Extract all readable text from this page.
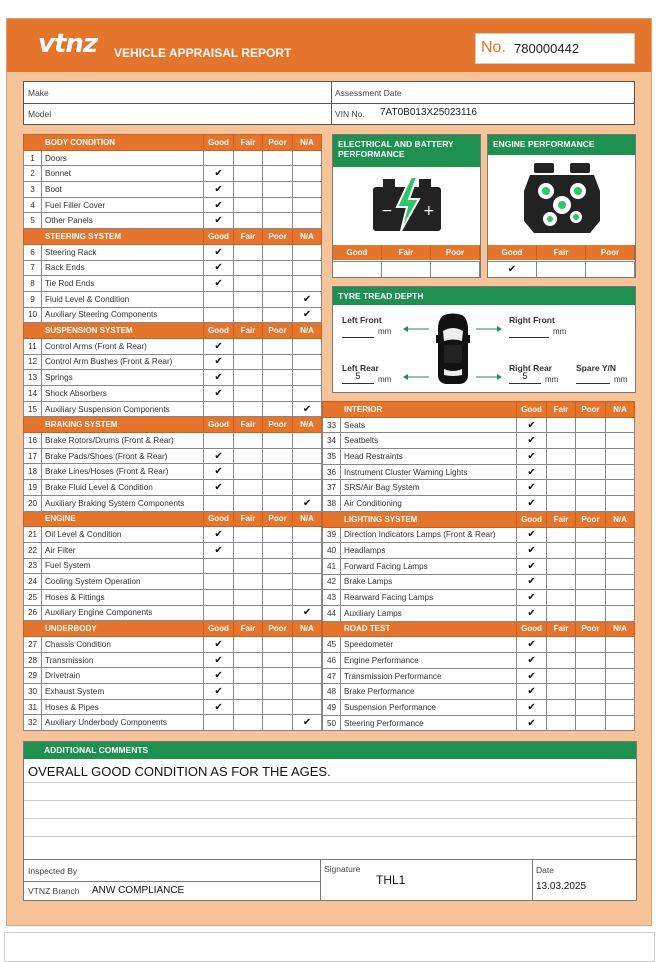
vtnz VEHICLE APPRAISAL REPORT	No. 780000442
Make
Model
Assessment Date
VIN No. 7AT0B013X25023116
BODY CONDITION		Good	Fair	Poor	N/A
1	Doors				
2	Bonnet	✔			
3	Boot	✔			
4	Fuel Filler Cover	✔			
5	Other Panels	✔			
STEERING SYSTEM		Good	Fair	Poor	N/A
6	Steering Rack	✔			
7	Rack Ends	✔			
8	Tie Rod Ends	✔			
9	Fluid Level & Condition				✔
10	Auxiliary Steering Components				✔
SUSPENSION SYSTEM		Good	Fair	Poor	N/A
11	Control Arms (Front & Rear)	✔			
12	Control Arm Bushes (Front & Rear)	✔			
13	Springs	✔			
14	Shock Absorbers	✔			
15	Auxiliary Suspension Components				✔
BRAKING SYSTEM		Good	Fair	Poor	N/A
16	Brake Rotors/Drums (Front & Rear)				
17	Brake Pads/Shoes (Front & Rear)	✔			
18	Brake Lines/Hoses (Front & Rear)	✔			
19	Brake Fluid Level & Condition	✔			
20	Auxiliary Braking System Components				✔
ENGINE		Good	Fair	Poor	N/A
21	Oil Level & Condition	✔			
22	Air Filter	✔			
23	Fuel System				
24	Cooling System Operation				
25	Hoses & Fittings				
26	Auxiliary Engine Components				✔
UNDERBODY		Good	Fair	Poor	N/A
27	Chassis Condition	✔			
28	Transmission	✔			
29	Drivetrain	✔			
30	Exhaust System	✔			
31	Hoses & Pipes	✔			
32	Auxiliary Underbody Components				✔
INTERIOR		Good	Fair	Poor	N/A
33	Seats	✔			
34	Seatbelts	✔			
35	Head Restraints	✔			
36	Instrument Cluster Warning Lights	✔			
37	SRS/Air Bag System	✔			
38	Air Conditioning	✔			
LIGHTING SYSTEM		Good	Fair	Poor	N/A
39	Direction Indicators Lamps (Front & Rear)	✔			
40	Headlamps	✔			
41	Forward Facing Lamps	✔			
42	Brake Lamps	✔			
43	Rearward Facing Lamps	✔			
44	Auxiliary Lamps	✔			
ROAD TEST		Good	Fair	Poor	N/A
45	Speedometer	✔			
46	Engine Performance	✔			
47	Transmission Performance	✔			
48	Brake Performance	✔			
49	Suspension Performance	✔			
50	Steering Performance	✔			
ELECTRICAL AND BATTERY PERFORMANCE
− +
Good	Fair	Poor
ENGINE PERFORMANCE
Good	Fair	Poor
✔
TYRE TREAD DEPTH
Left Front
mm
Right Front
mm
Left Rear
5	mm
Right Rear
5	mm
Spare Y/N
mm
ADDITIONAL COMMENTS
OVERALL GOOD CONDITION AS FOR THE AGES.
Inspected By
VTNZ Branch ANW COMPLIANCE
Signature
THL1
Date
13.03.2025
